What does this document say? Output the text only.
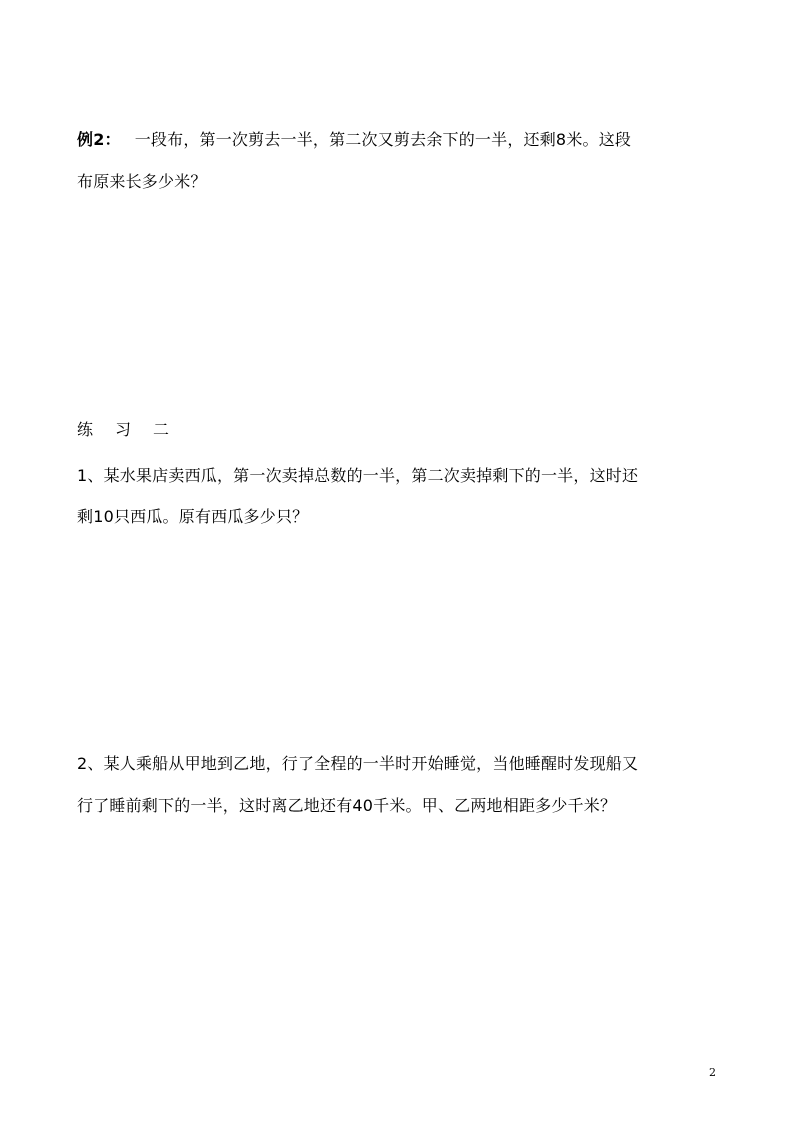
例2： 一段布，第一次剪去一半，第二次又剪去余下的一半，还剩8米。这段
布原来长多少米？
练 习 二
1、某水果店卖西瓜，第一次卖掉总数的一半，第二次卖掉剩下的一半，这时还
剩10只西瓜。原有西瓜多少只？
2、某人乘船从甲地到乙地，行了全程的一半时开始睡觉，当他睡醒时发现船又
行了睡前剩下的一半，这时离乙地还有40千米。甲、乙两地相距多少千米？
2
